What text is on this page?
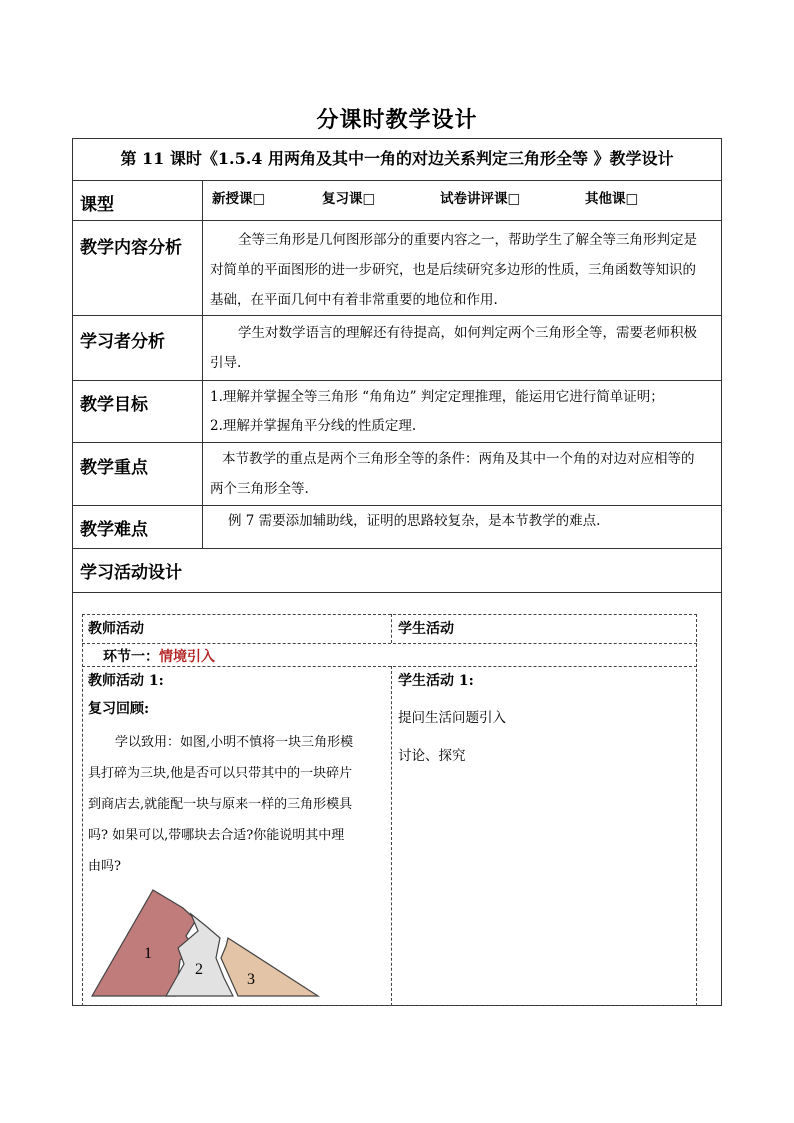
分课时教学设计
第 11 课时《1.5.4 用两角及其中一角的对边关系判定三角形全等 》教学设计
课型	新授课□	复习课□	试卷讲评课□	其他课□
教学内容分析	全等三角形是几何图形部分的重要内容之一，帮助学生了解全等三角形判定是
对简单的平面图形的进一步研究，也是后续研究多边形的性质，三角函数等知识的
基础，在平面几何中有着非常重要的地位和作用.
学习者分析	学生对数学语言的理解还有待提高，如何判定两个三角形全等，需要老师积极
引导.
教学目标	1.理解并掌握全等三角形 “角角边” 判定定理推理，能运用它进行简单证明；
2.理解并掌握角平分线的性质定理.
教学重点	本节教学的重点是两个三角形全等的条件：两角及其中一个角的对边对应相等的
两个三角形全等.
教学难点	例 7 需要添加辅助线，证明的思路较复杂，是本节教学的难点.
学习活动设计
教师活动	学生活动
环节一：情境引入
教师活动 1:
复习回顾:
学以致用：如图,小明不慎将一块三角形模
具打碎为三块,他是否可以只带其中的一块碎片
到商店去,就能配一块与原来一样的三角形模具
吗? 如果可以,带哪块去合适?你能说明其中理
由吗?
学生活动 1:
提问生活问题引入
讨论、探究
1
2
3
